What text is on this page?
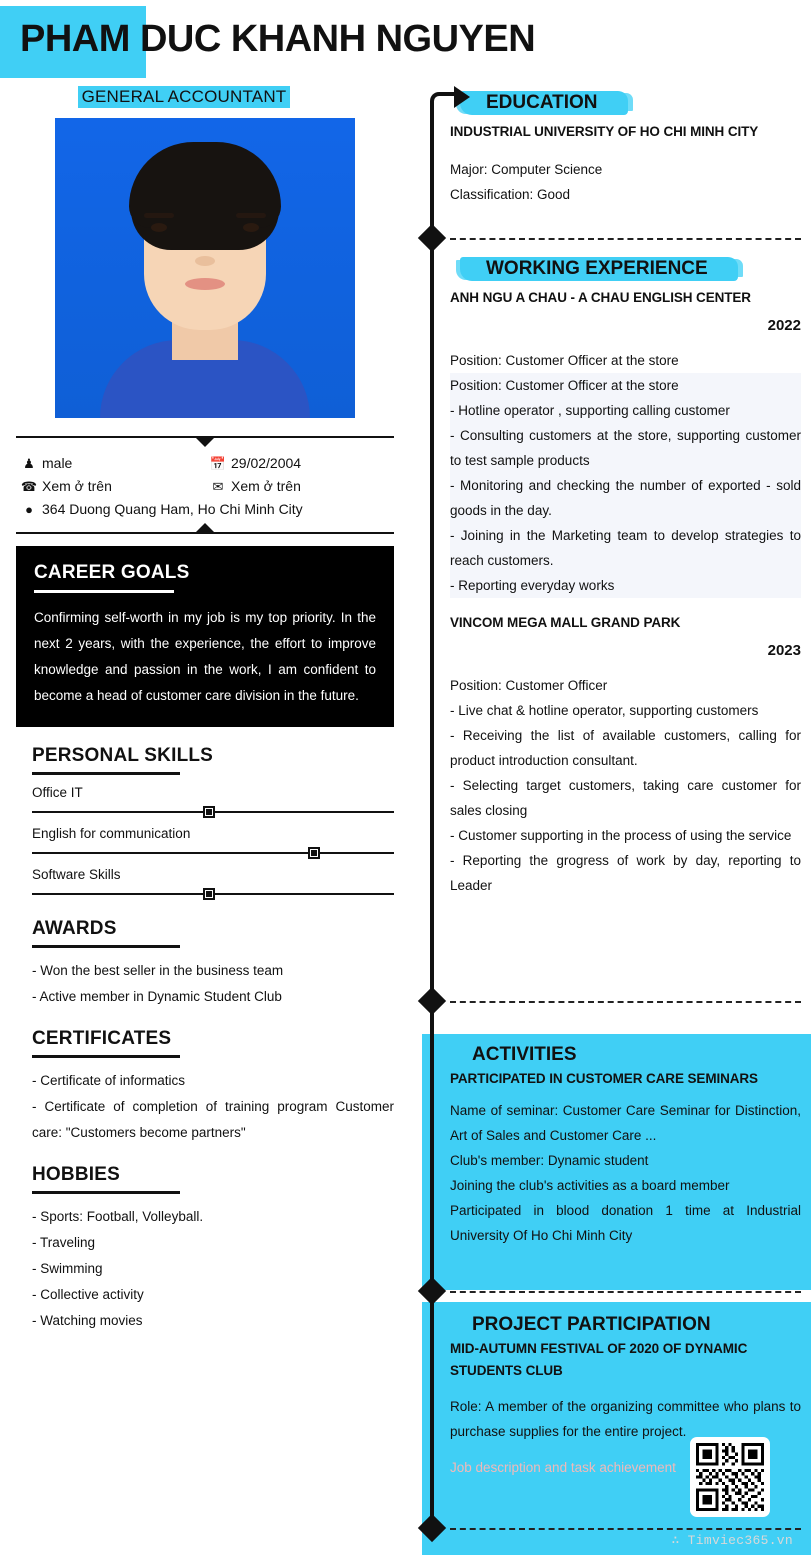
PHAM DUC KHANH NGUYEN
GENERAL ACCOUNTANT
♟ male	📅 29/02/2004
☎ Xem ở trên	✉ Xem ở trên
● 364 Duong Quang Ham, Ho Chi Minh City
CAREER GOALS
Confirming self-worth in my job is my top priority. In the next 2 years, with the experience, the effort to improve knowledge and passion in the work, I am confident to become a head of customer care division in the future.
PERSONAL SKILLS
Office IT
English for communication
Software Skills
AWARDS
- Won the best seller in the business team
- Active member in Dynamic Student Club
CERTIFICATES
- Certificate of informatics
- Certificate of completion of training program Customer care: "Customers become partners"
HOBBIES
- Sports: Football, Volleyball.
- Traveling
- Swimming
- Collective activity
- Watching movies
EDUCATION
INDUSTRIAL UNIVERSITY OF HO CHI MINH CITY
Major: Computer Science
Classification: Good
WORKING EXPERIENCE
ANH NGU A CHAU - A CHAU ENGLISH CENTER
2022
Position: Customer Officer at the store
Position: Customer Officer at the store
- Hotline operator , supporting calling customer
- Consulting customers at the store, supporting customer to test sample products
- Monitoring and checking the number of exported - sold goods in the day.
- Joining in the Marketing team to develop strategies to reach customers.
- Reporting everyday works
VINCOM MEGA MALL GRAND PARK
2023
Position: Customer Officer
- Live chat & hotline operator, supporting customers
- Receiving the list of available customers, calling for product introduction consultant.
- Selecting target customers, taking care customer for sales closing
- Customer supporting in the process of using the service
- Reporting the grogress of work by day, reporting to Leader
ACTIVITIES
PARTICIPATED IN CUSTOMER CARE SEMINARS
Name of seminar: Customer Care Seminar for Distinction, Art of Sales and Customer Care ...
Club's member: Dynamic student
Joining the club's activities as a board member
Participated in blood donation 1 time at Industrial University Of Ho Chi Minh City
PROJECT PARTICIPATION
MID-AUTUMN FESTIVAL OF 2020 OF DYNAMIC STUDENTS CLUB
Role: A member of the organizing committee who plans to purchase supplies for the entire project.
Job description and task achievement
∴ Timviec365.vn
